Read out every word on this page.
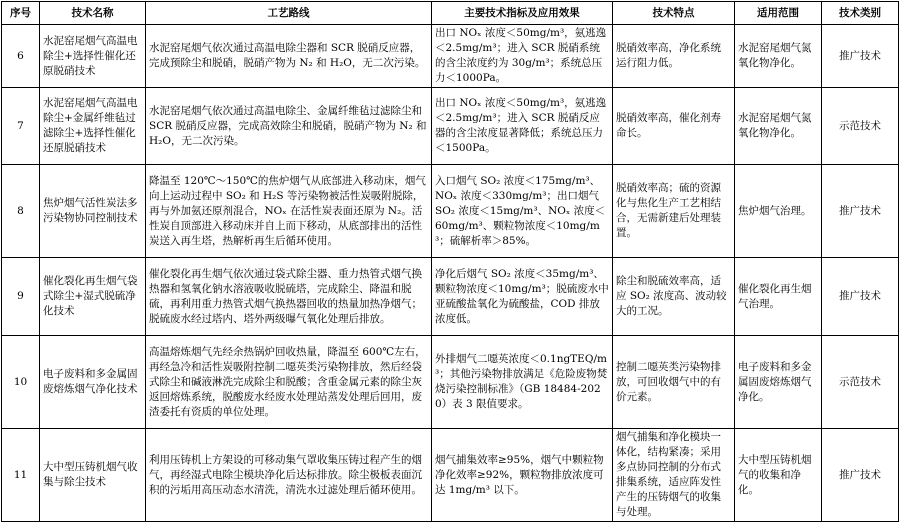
序号	技术名称	工艺路线	主要技术指标及应用效果	技术特点	适用范围	技术类别
6	水泥窑尾烟气高温电除尘+选择性催化还原脱硝技术	水泥窑尾烟气依次通过高温电除尘器和 SCR 脱硝反应器，完成预除尘和脱硝，脱硝产物为 N₂ 和 H₂O，无二次污染。	出口 NOₓ 浓度＜50mg/m³，氨逃逸＜2.5mg/m³；进入 SCR 脱硝系统的含尘浓度约为 30g/m³；系统总压力＜1000Pa。	脱硝效率高，净化系统运行阻力低。	水泥窑尾烟气氮氧化物净化。	推广技术
7	水泥窑尾烟气高温电除尘+金属纤维毡过滤除尘+选择性催化还原脱硝技术	水泥窑尾烟气依次通过高温电除尘、金属纤维毡过滤除尘和 SCR 脱硝反应器，完成高效除尘和脱硝，脱硝产物为 N₂ 和 H₂O，无二次污染。	出口 NOₓ 浓度＜50mg/m³，氨逃逸＜2.5mg/m³；进入 SCR 脱硝反应器的含尘浓度显著降低；系统总压力＜1500Pa。	脱硝效率高，催化剂寿命长。	水泥窑尾烟气氮氧化物净化。	示范技术
8	焦炉烟气活性炭法多污染物协同控制技术	降温至 120℃～150℃的焦炉烟气从底部进入移动床，烟气向上运动过程中 SO₂ 和 H₂S 等污染物被活性炭吸附脱除，再与外加氨还原剂混合，NOₓ 在活性炭表面还原为 N₂。活性炭自顶部进入移动床并自上而下移动，从底部排出的活性炭送入再生塔，热解析再生后循环使用。	入口烟气 SO₂ 浓度＜175mg/m³、NOₓ 浓度＜330mg/m³；出口烟气 SO₂ 浓度＜15mg/m³、NOₓ 浓度＜60mg/m³、颗粒物浓度＜10mg/m³；硫解析率＞85%。	脱硝效率高；硫的资源化与焦化生产工艺相结合，无需新建后处理装置。	焦炉烟气治理。	推广技术
9	催化裂化再生烟气袋式除尘+湿式脱硫净化技术	催化裂化再生烟气依次通过袋式除尘器、重力热管式烟气换热器和氢氧化钠水溶液吸收脱硫塔，完成除尘、降温和脱硫，再利用重力热管式烟气换热器回收的热量加热净烟气；脱硫废水经过塔内、塔外两级曝气氧化处理后排放。	净化后烟气 SO₂ 浓度＜35mg/m³、颗粒物浓度＜10mg/m³；脱硫废水中亚硫酸盐氧化为硫酸盐，COD 排放浓度低。	除尘和脱硫效率高，适应 SO₂ 浓度高、波动较大的工况。	催化裂化再生烟气治理。	推广技术
10	电子废料和多金属固废熔炼烟气净化技术	高温熔炼烟气先经余热锅炉回收热量，降温至 600℃左右，再经急冷和活性炭吸附控制二噁英类污染物排放，然后经袋式除尘和碱液淋洗完成除尘和脱酸；含重金属元素的除尘灰返回熔炼系统，脱酸废水经废水处理站蒸发处理后回用，废渣委托有资质的单位处理。	外排烟气二噁英浓度＜0.1ngTEQ/m³；其他污染物排放满足《危险废物焚烧污染控制标准》（GB 18484-2020）表 3 限值要求。	控制二噁英类污染物排放，可回收烟气中的有价元素。	电子废料和多金属固废熔炼烟气净化。	示范技术
11	大中型压铸机烟气收集与除尘技术	利用压铸机上方架设的可移动集气罩收集压铸过程产生的烟气，再经湿式电除尘模块净化后达标排放。除尘极板表面沉积的污垢用高压动态水清洗，清洗水过滤处理后循环使用。	烟气捕集效率≥95%，烟气中颗粒物净化效率≥92%，颗粒物排放浓度可达 1mg/m³ 以下。	烟气捕集和净化模块一体化，结构紧凑；采用多点协同控制的分布式排集系统，适应阵发性产生的压铸烟气的收集与处理。	大中型压铸机烟气的收集和净化。	推广技术
